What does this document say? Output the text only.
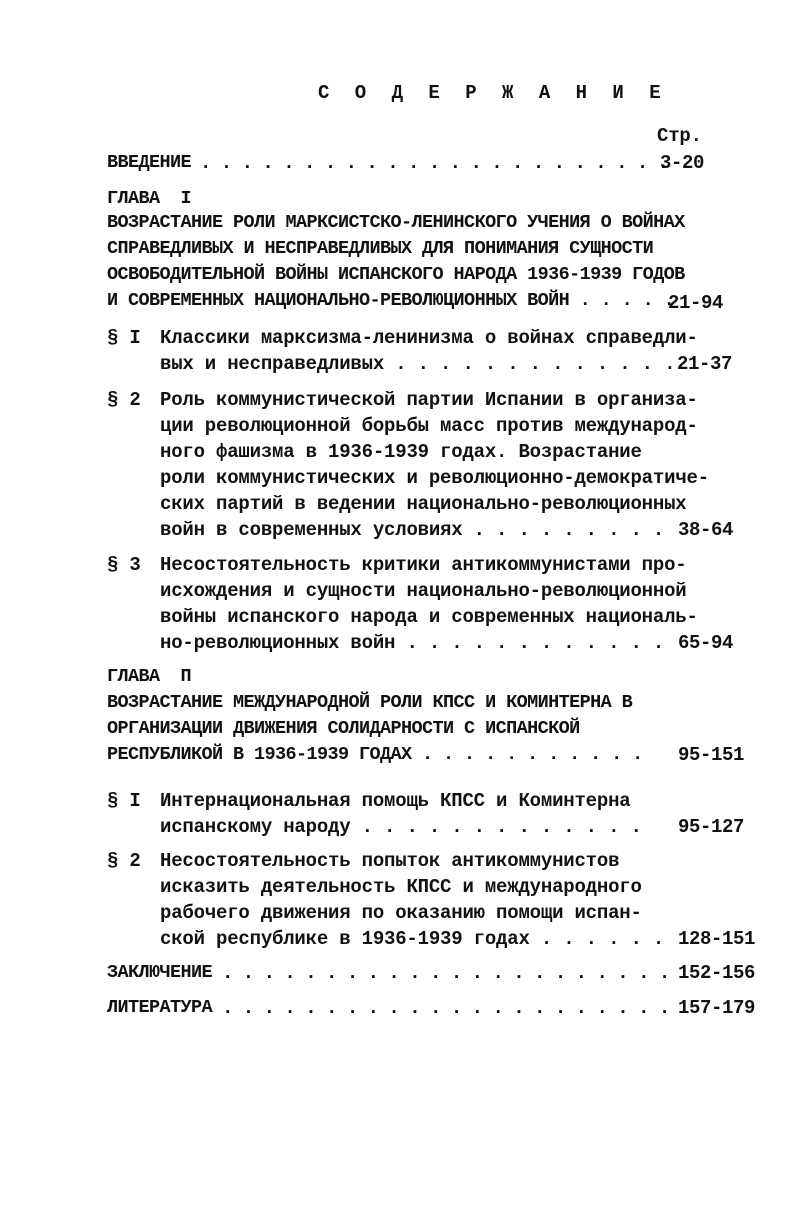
С О Д Е Р Ж А Н И Е
Стр.
ВВЕДЕНИЕ . . . . . . . . . . . . . . . . . . . . . . .
3-20
ГЛАВА  I
ВОЗРАСТАНИЕ РОЛИ МАРКСИСТСКО-ЛЕНИНСКОГО УЧЕНИЯ О ВОЙНАХ
СПРАВЕДЛИВЫХ И НЕСПРАВЕДЛИВЫХ ДЛЯ ПОНИМАНИЯ СУЩНОСТИ
ОСВОБОДИТЕЛЬНОЙ ВОЙНЫ ИСПАНСКОГО НАРОДА 1936-1939 ГОДОВ
И СОВРЕМЕННЫХ НАЦИОНАЛЬНО-РЕВОЛЮЦИОННЫХ ВОЙН . . . . .
21-94
§ I Классики марксизма-ленинизма о войнах справедли-
вых и несправедливых . . . . . . . . . . . . . 21-37
§ 2 Роль коммунистической партии Испании в организа-
ции революционной борьбы масс против международ-
ного фашизма в 1936-1939 годах. Возрастание
роли коммунистических и революционно-демократиче-
ских партий в ведении национально-революционных
войн в современных условиях . . . . . . . . . 38-64
§ 3 Несостоятельность критики антикоммунистами про-
исхождения и сущности национально-революционной
войны испанского народа и современных националь-
но-революционных войн . . . . . . . . . . . . 65-94
ГЛАВА  П
ВОЗРАСТАНИЕ МЕЖДУНАРОДНОЙ РОЛИ КПСС И КОМИНТЕРНА В
ОРГАНИЗАЦИИ ДВИЖЕНИЯ СОЛИДАРНОСТИ С ИСПАНСКОЙ
РЕСПУБЛИКОЙ В 1936-1939 ГОДАХ . . . . . . . . . . . 95-151
§ I Интернациональная помощь КПСС и Коминтерна
испанскому народу . . . . . . . . . . . . . 95-127
§ 2 Несостоятельность попыток антикоммунистов
исказить деятельность КПСС и международного
рабочего движения по оказанию помощи испан-
ской республике в 1936-1939 годах . . . . . . 128-151
ЗАКЛЮЧЕНИЕ . . . . . . . . . . . . . . . . . . . . . . 152-156
ЛИТЕРАТУРА . . . . . . . . . . . . . . . . . . . . . . 157-179
